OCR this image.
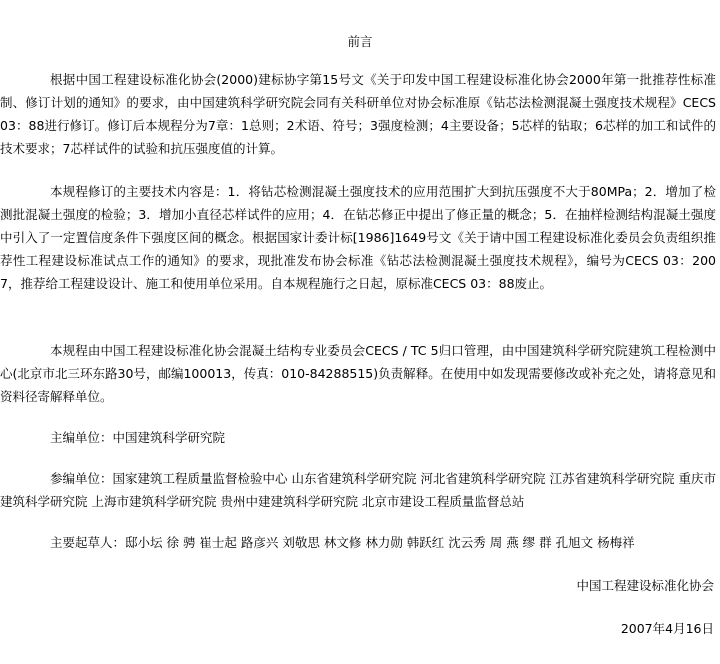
前言

根据中国工程建设标准化协会(2000)建标协字第15号文《关于印发中国工程建设标准化协会2000年第一批推荐性标准制、修订计划的通知》的要求，由中国建筑科学研究院会同有关科研单位对协会标准原《钻芯法检测混凝土强度技术规程》CECS 03：88进行修订。修订后本规程分为7章：1总则；2术语、符号；3强度检测；4主要设备；5芯样的钻取；6芯样的加工和试件的技术要求；7芯样试件的试验和抗压强度值的计算。

本规程修订的主要技术内容是：1．将钻芯检测混凝土强度技术的应用范围扩大到抗压强度不大于80MPa；2．增加了检测批混凝土强度的检验；3．增加小直径芯样试件的应用；4．在钻芯修正中提出了修正量的概念；5．在抽样检测结构混凝土强度中引入了一定置信度条件下强度区间的概念。根据国家计委计标[1986]1649号文《关于请中国工程建设标准化委员会负责组织推荐性工程建设标准试点工作的通知》的要求，现批准发布协会标准《钻芯法检测混凝土强度技术规程》，编号为CECS 03：2007，推荐给工程建设设计、施工和使用单位采用。自本规程施行之日起，原标准CECS 03：88废止。

本规程由中国工程建设标准化协会混凝土结构专业委员会CECS / TC 5归口管理，由中国建筑科学研究院建筑工程检测中心(北京市北三环东路30号，邮编100013，传真：010-84288515)负责解释。在使用中如发现需要修改或补充之处，请将意见和资料径寄解释单位。

主编单位：中国建筑科学研究院

参编单位：国家建筑工程质量监督检验中心 山东省建筑科学研究院 河北省建筑科学研究院 江苏省建筑科学研究院 重庆市建筑科学研究院 上海市建筑科学研究院 贵州中建建筑科学研究院 北京市建设工程质量监督总站

主要起草人：邸小坛 徐 骋 崔士起 路彦兴 刘敬思 林文修 林力勋 韩跃红 沈云秀 周 燕 缪 群 孔旭文 杨梅祥

中国工程建设标准化协会
2007年4月16日
